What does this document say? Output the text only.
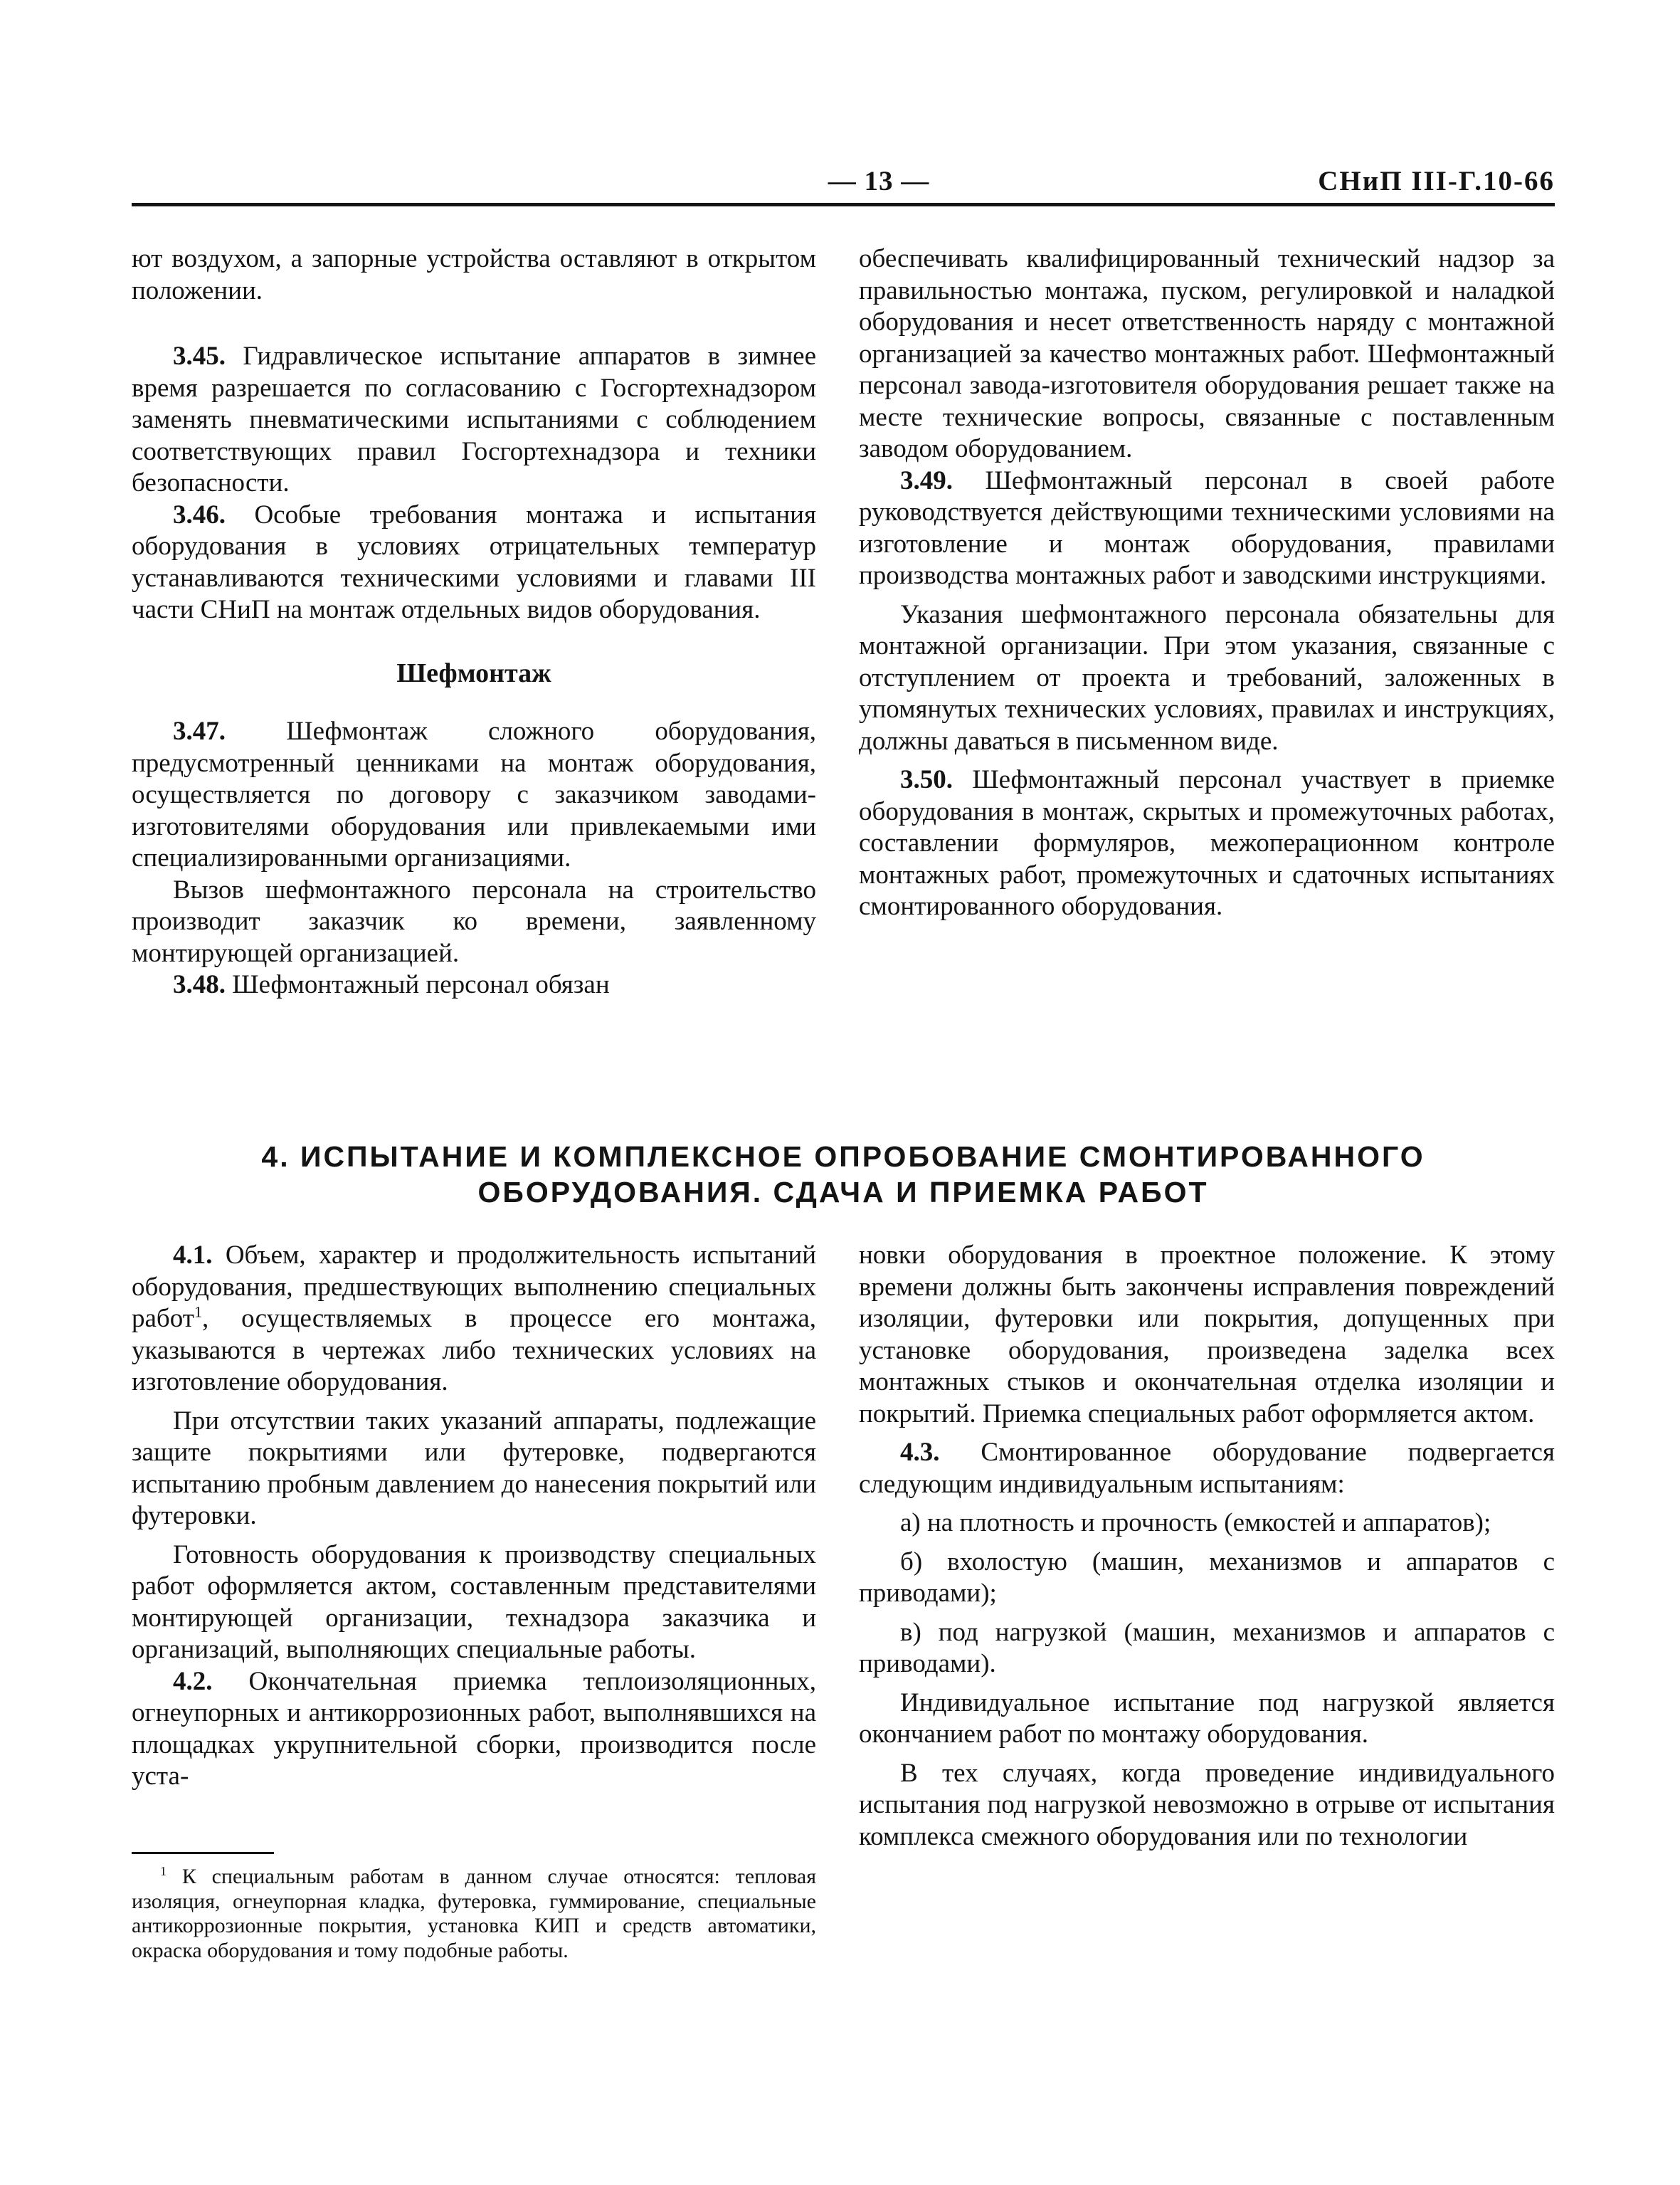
— 13 —	СНиП III-Г.10-66

ют воздухом, а запорные устройства оставляют в открытом положении.

3.45. Гидравлическое испытание аппаратов в зимнее время разрешается по согласованию с Госгортехнадзором заменять пневматическими испытаниями с соблюдением соответствующих правил Госгортехнадзора и техники безопасности.

3.46. Особые требования монтажа и испытания оборудования в условиях отрицательных температур устанавливаются техническими условиями и главами III части СНиП на монтаж отдельных видов оборудования.

Шефмонтаж

3.47. Шефмонтаж сложного оборудования, предусмотренный ценниками на монтаж оборудования, осуществляется по договору с заказчиком заводами-изготовителями оборудования или привлекаемыми ими специализированными организациями.

Вызов шефмонтажного персонала на строительство производит заказчик ко времени, заявленному монтирующей организацией.

3.48. Шефмонтажный персонал обязан

обеспечивать квалифицированный технический надзор за правильностью монтажа, пуском, регулировкой и наладкой оборудования и несет ответственность наряду с монтажной организацией за качество монтажных работ. Шефмонтажный персонал завода-изготовителя оборудования решает также на месте технические вопросы, связанные с поставленным заводом оборудованием.

3.49. Шефмонтажный персонал в своей работе руководствуется действующими техническими условиями на изготовление и монтаж оборудования, правилами производства монтажных работ и заводскими инструкциями.

Указания шефмонтажного персонала обязательны для монтажной организации. При этом указания, связанные с отступлением от проекта и требований, заложенных в упомянутых технических условиях, правилах и инструкциях, должны даваться в письменном виде.

3.50. Шефмонтажный персонал участвует в приемке оборудования в монтаж, скрытых и промежуточных работах, составлении формуляров, межоперационном контроле монтажных работ, промежуточных и сдаточных испытаниях смонтированного оборудования.

4. ИСПЫТАНИЕ И КОМПЛЕКСНОЕ ОПРОБОВАНИЕ СМОНТИРОВАННОГО
ОБОРУДОВАНИЯ. СДАЧА И ПРИЕМКА РАБОТ

4.1. Объем, характер и продолжительность испытаний оборудования, предшествующих выполнению специальных работ$^1$, осуществляемых в процессе его монтажа, указываются в чертежах либо технических условиях на изготовление оборудования.

При отсутствии таких указаний аппараты, подлежащие защите покрытиями или футеровке, подвергаются испытанию пробным давлением до нанесения покрытий или футеровки.

Готовность оборудования к производству специальных работ оформляется актом, составленным представителями монтирующей организации, технадзора заказчика и организаций, выполняющих специальные работы.

4.2. Окончательная приемка теплоизоляционных, огнеупорных и антикоррозионных работ, выполнявшихся на площадках укрупнительной сборки, производится после уста-

новки оборудования в проектное положение. К этому времени должны быть закончены исправления повреждений изоляции, футеровки или покрытия, допущенных при установке оборудования, произведена заделка всех монтажных стыков и окончательная отделка изоляции и покрытий. Приемка специальных работ оформляется актом.

4.3. Смонтированное оборудование подвергается следующим индивидуальным испытаниям:

а) на плотность и прочность (емкостей и аппаратов);

б) вхолостую (машин, механизмов и аппаратов с приводами);

в) под нагрузкой (машин, механизмов и аппаратов с приводами).

Индивидуальное испытание под нагрузкой является окончанием работ по монтажу оборудования.

В тех случаях, когда проведение индивидуального испытания под нагрузкой невозможно в отрыве от испытания комплекса смежного оборудования или по технологии

$^1$ К специальным работам в данном случае относятся: тепловая изоляция, огнеупорная кладка, футеровка, гуммирование, специальные антикоррозионные покрытия, установка КИП и средств автоматики, окраска оборудования и тому подобные работы.
